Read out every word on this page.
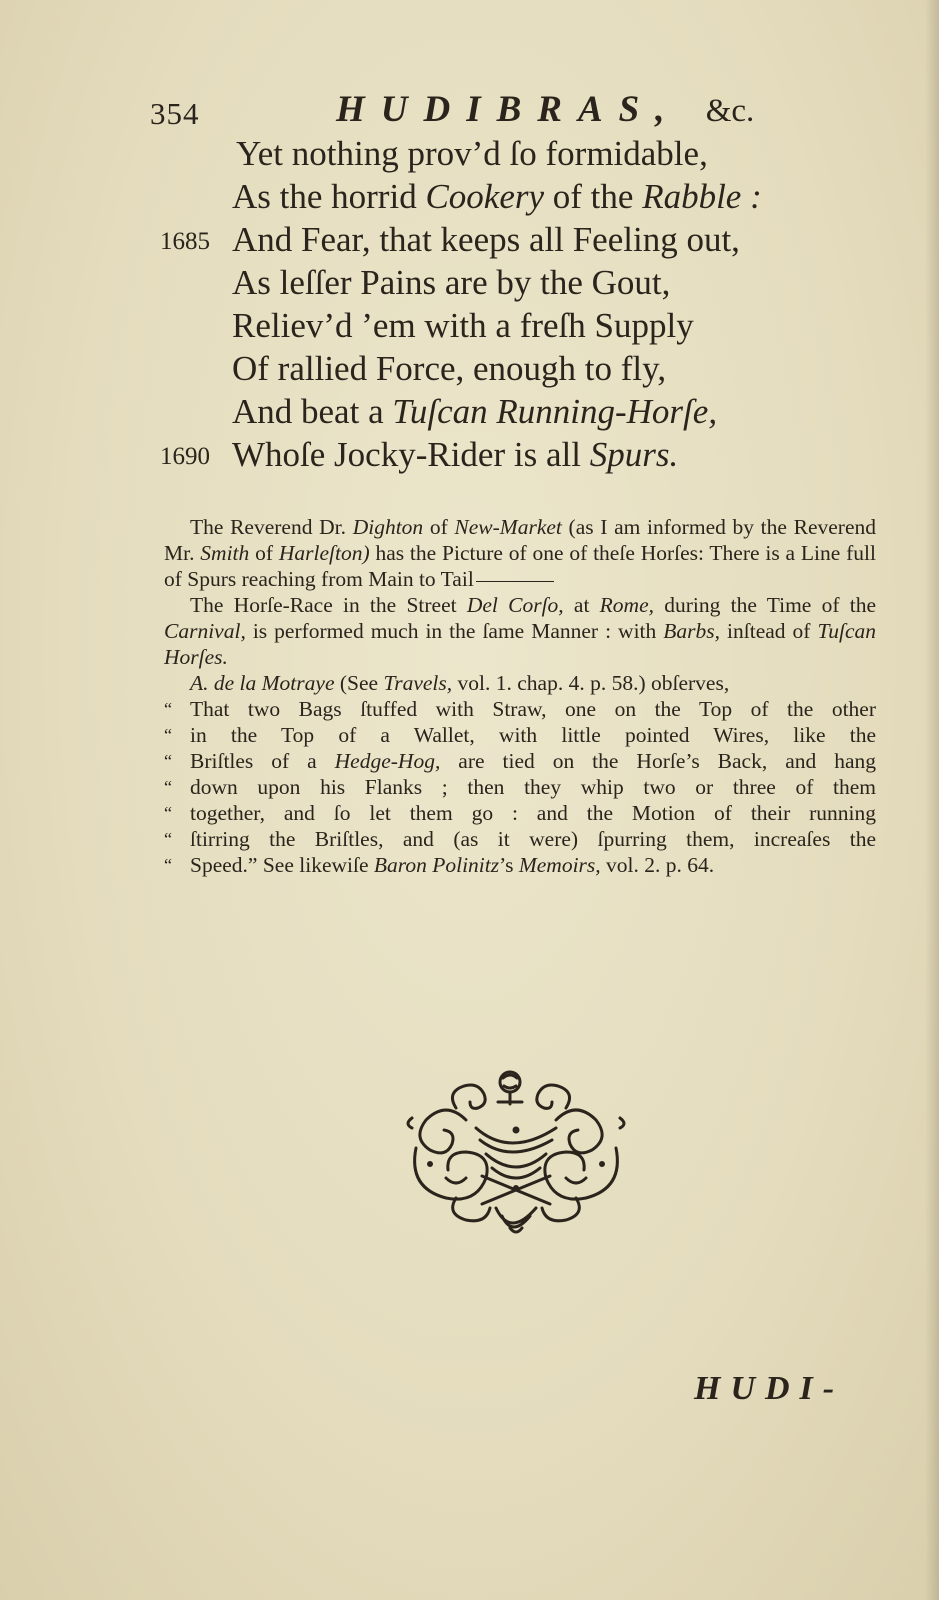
354	HUDIBRAS, &c.
Yet nothing prov’d ſo formidable,
As the horrid Cookery of the Rabble :
1685 And Fear, that keeps all Feeling out,
As leſſer Pains are by the Gout,
Reliev’d ’em with a freſh Supply
Of rallied Force, enough to fly,
And beat a Tuſcan Running-Horſe,
1690 Whoſe Jocky-Rider is all Spurs.

The Reverend Dr. Dighton of New-Market (as I am informed by the Reverend Mr. Smith of Harleſton) has the Picture of one of theſe Horſes: There is a Line full of Spurs reaching from Main to Tail

The Horſe-Race in the Street Del Corſo, at Rome, during the Time of the Carnival, is performed much in the ſame Manner : with Barbs, inſtead of Tuſcan Horſes.

A. de la Motraye (See Travels, vol. 1. chap. 4. p. 58.) obſerves,

“ That two Bags ſtuffed with Straw, one on the Top of the other
“ in the Top of a Wallet, with little pointed Wires, like the
“ Briſtles of a Hedge-Hog, are tied on the Horſe’s Back, and hang
“ down upon his Flanks ; then they whip two or three of them
“ together, and ſo let them go : and the Motion of their running
“ ſtirring the Briſtles, and (as it were) ſpurring them, increaſes the
“ Speed.” See likewiſe Baron Polinitz’s Memoirs, vol. 2. p. 64.
HUDI-
